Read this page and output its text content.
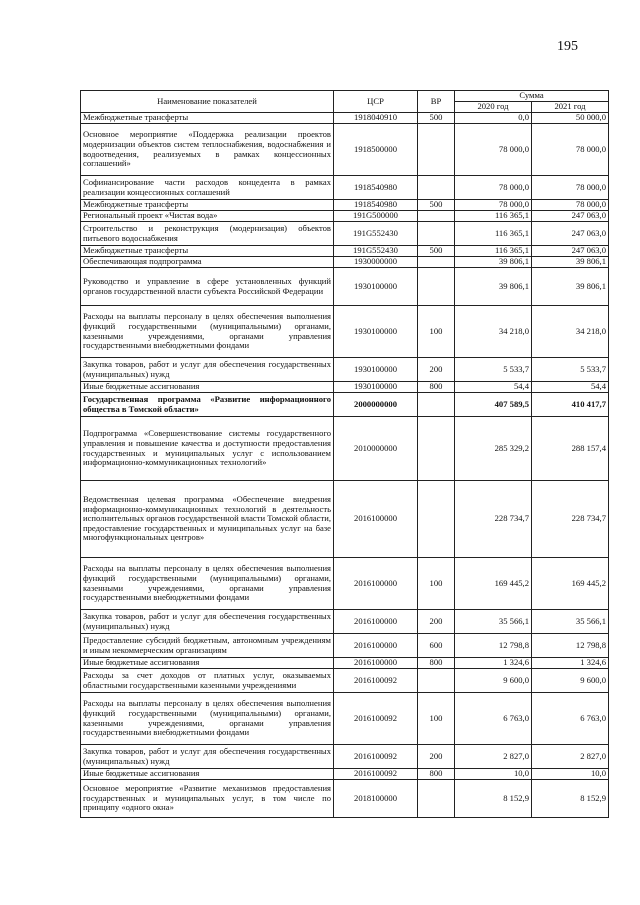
195
Наименование показателей	ЦСР	ВР	Сумма	
			2020 год	2021 год
Межбюджетные трансферты	1918040910	500	0,0	50 000,0
Основное мероприятие «Поддержка реализации проектов модернизации объектов систем теплоснабжения, водоснабжения и водоотведения, реализуемых в рамках концессионных соглашений»	1918500000		78 000,0	78 000,0
Софинансирование части расходов концедента в рамках реализации концессионных соглашений	1918540980		78 000,0	78 000,0
Межбюджетные трансферты	1918540980	500	78 000,0	78 000,0
Региональный проект «Чистая вода»	191G500000		116 365,1	247 063,0
Строительство и реконструкция (модернизация) объектов питьевого водоснабжения	191G552430		116 365,1	247 063,0
Межбюджетные трансферты	191G552430	500	116 365,1	247 063,0
Обеспечивающая подпрограмма	1930000000		39 806,1	39 806,1
Руководство и управление в сфере установленных функций органов государственной власти субъекта Российской Федерации	1930100000		39 806,1	39 806,1
Расходы на выплаты персоналу в целях обеспечения выполнения функций государственными (муниципальными) органами, казенными учреждениями, органами управления государственными внебюджетными фондами	1930100000	100	34 218,0	34 218,0
Закупка товаров, работ и услуг для обеспечения государственных (муниципальных) нужд	1930100000	200	5 533,7	5 533,7
Иные бюджетные ассигнования	1930100000	800	54,4	54,4
Государственная программа «Развитие информационного общества в Томской области»	2000000000		407 589,5	410 417,7
Подпрограмма «Совершенствование системы государственного управления и повышение качества и доступности предоставления государственных и муниципальных услуг с использованием информационно-коммуникационных технологий»	2010000000		285 329,2	288 157,4
Ведомственная целевая программа «Обеспечение внедрения информационно-коммуникационных технологий в деятельность исполнительных органов государственной власти Томской области, предоставление государственных и муниципальных услуг на базе многофункциональных центров»	2016100000		228 734,7	228 734,7
Расходы на выплаты персоналу в целях обеспечения выполнения функций государственными (муниципальными) органами, казенными учреждениями, органами управления государственными внебюджетными фондами	2016100000	100	169 445,2	169 445,2
Закупка товаров, работ и услуг для обеспечения государственных (муниципальных) нужд	2016100000	200	35 566,1	35 566,1
Предоставление субсидий бюджетным, автономным учреждениям и иным некоммерческим организациям	2016100000	600	12 798,8	12 798,8
Иные бюджетные ассигнования	2016100000	800	1 324,6	1 324,6
Расходы за счет доходов от платных услуг, оказываемых областными государственными казенными учреждениями	2016100092		9 600,0	9 600,0
Расходы на выплаты персоналу в целях обеспечения выполнения функций государственными (муниципальными) органами, казенными учреждениями, органами управления государственными внебюджетными фондами	2016100092	100	6 763,0	6 763,0
Закупка товаров, работ и услуг для обеспечения государственных (муниципальных) нужд	2016100092	200	2 827,0	2 827,0
Иные бюджетные ассигнования	2016100092	800	10,0	10,0
Основное мероприятие «Развитие механизмов предоставления государственных и муниципальных услуг, в том числе по принципу «одного окна»	2018100000		8 152,9	8 152,9
